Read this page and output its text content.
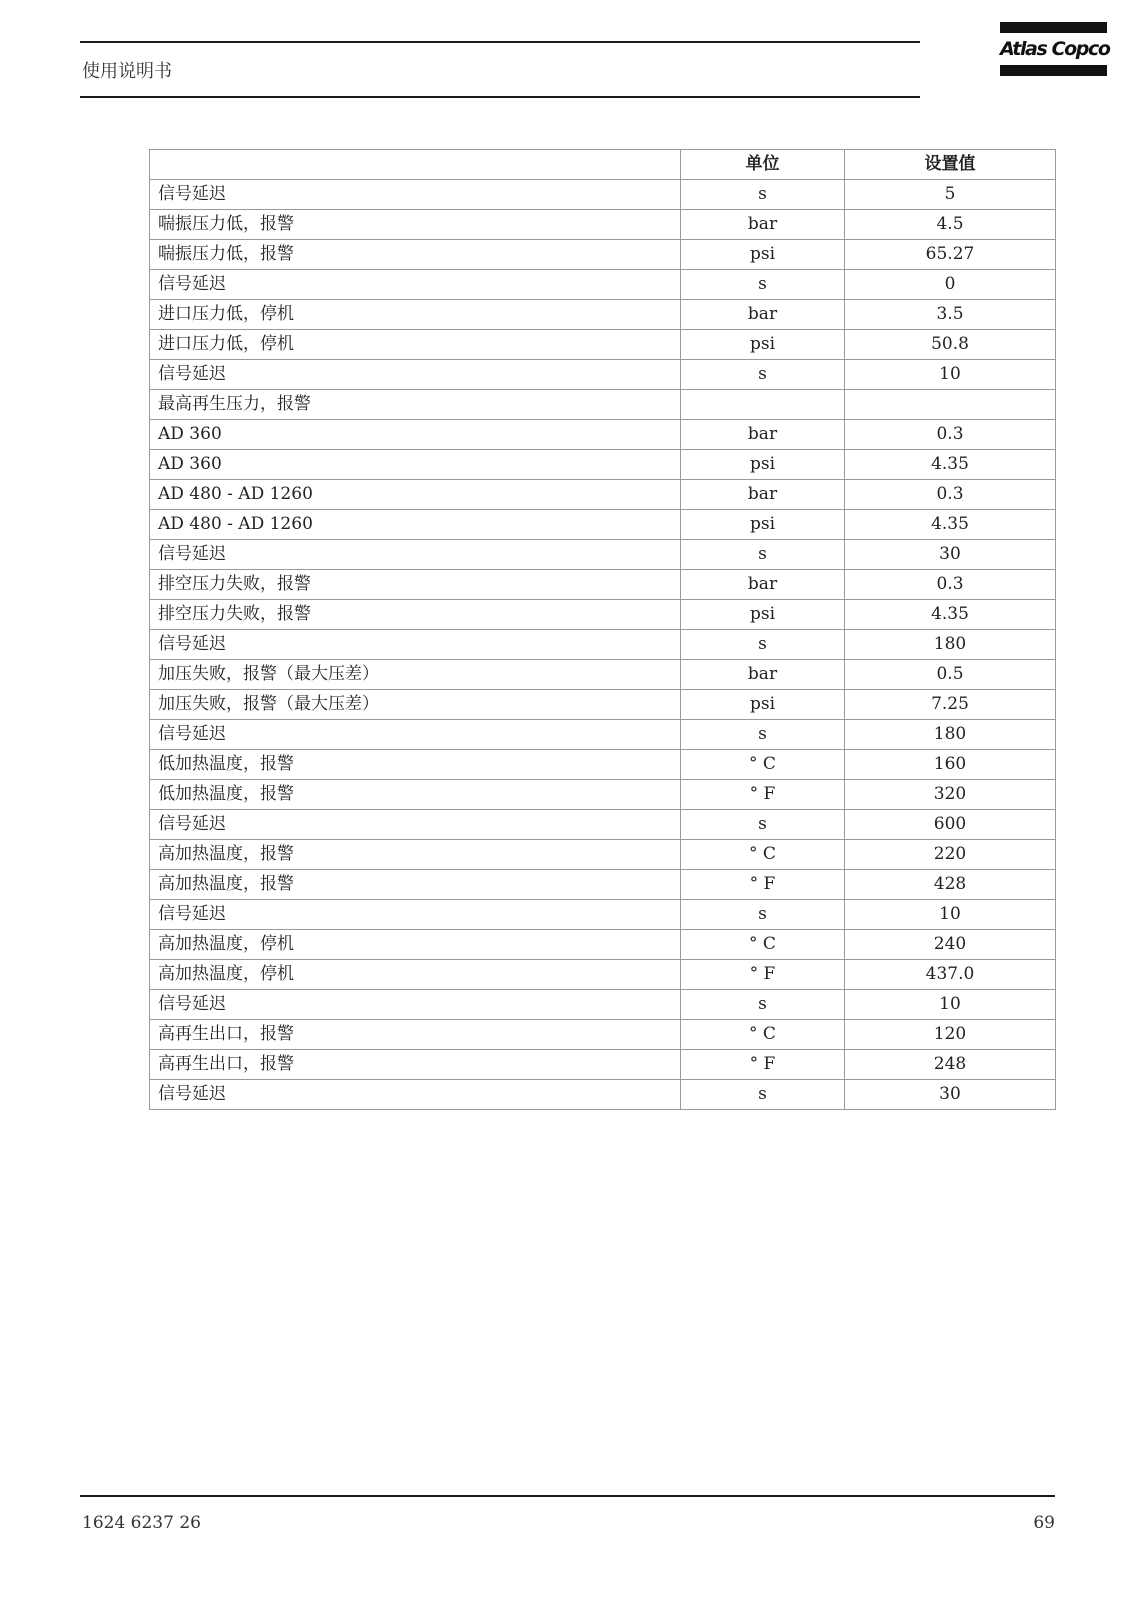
使用说明书
Atlas Copco
	单位	设置值
信号延迟	s	5
喘振压力低，报警	bar	4.5
喘振压力低，报警	psi	65.27
信号延迟	s	0
进口压力低，停机	bar	3.5
进口压力低，停机	psi	50.8
信号延迟	s	10
最高再生压力，报警		
AD 360	bar	0.3
AD 360	psi	4.35
AD 480 - AD 1260	bar	0.3
AD 480 - AD 1260	psi	4.35
信号延迟	s	30
排空压力失败，报警	bar	0.3
排空压力失败，报警	psi	4.35
信号延迟	s	180
加压失败，报警（最大压差）	bar	0.5
加压失败，报警（最大压差）	psi	7.25
信号延迟	s	180
低加热温度，报警	° C	160
低加热温度，报警	° F	320
信号延迟	s	600
高加热温度，报警	° C	220
高加热温度，报警	° F	428
信号延迟	s	10
高加热温度，停机	° C	240
高加热温度，停机	° F	437.0
信号延迟	s	10
高再生出口，报警	° C	120
高再生出口，报警	° F	248
信号延迟	s	30
1624 6237 26	69
